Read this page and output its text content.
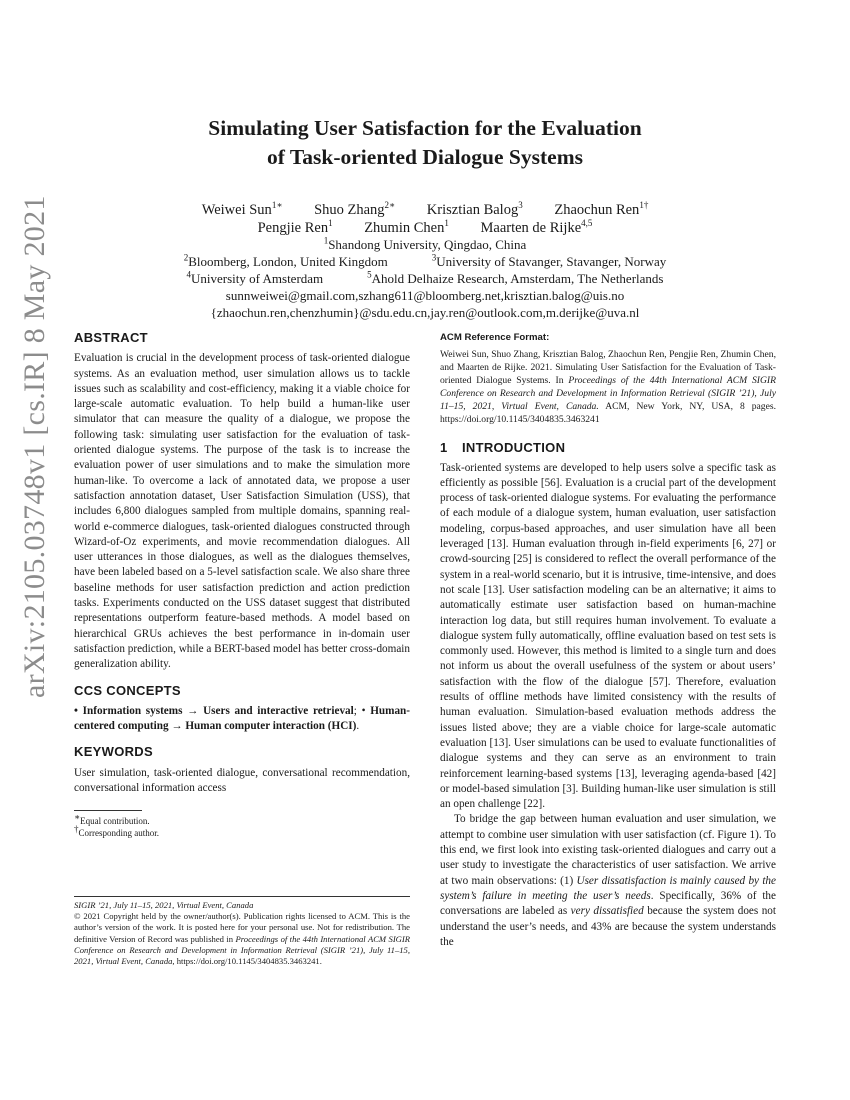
arXiv:2105.03748v1 [cs.IR] 8 May 2021
Simulating User Satisfaction for the Evaluation
of Task-oriented Dialogue Systems
Weiwei Sun$^{1∗}$ Shuo Zhang$^{2∗}$ Krisztian Balog$^3$ Zhaochun Ren$^{1\dagger}$
Pengjie Ren$^1$ Zhumin Chen$^1$ Maarten de Rijke$^{4,5}$
$^1$Shandong University, Qingdao, China
$^2$Bloomberg, London, United Kingdom	$^3$University of Stavanger, Stavanger, Norway
$^4$University of Amsterdam	$^5$Ahold Delhaize Research, Amsterdam, The Netherlands
sunnweiwei@gmail.com,szhang611@bloomberg.net,krisztian.balog@uis.no
{zhaochun.ren,chenzhumin}@sdu.edu.cn,jay.ren@outlook.com,m.derijke@uva.nl
ABSTRACT

Evaluation is crucial in the development process of task-oriented dialogue systems. As an evaluation method, user simulation allows us to tackle issues such as scalability and cost-efficiency, making it a viable choice for large-scale automatic evaluation. To help build a human-like user simulator that can measure the quality of a dialogue, we propose the following task: simulating user satisfaction for the evaluation of task-oriented dialogue systems. The purpose of the task is to increase the evaluation power of user simulations and to make the simulation more human-like. To overcome a lack of annotated data, we propose a user satisfaction annotation dataset, User Satisfaction Simulation (USS), that includes 6,800 dialogues sampled from multiple domains, spanning real-world e-commerce dialogues, task-oriented dialogues constructed through Wizard-of-Oz experiments, and movie recommendation dialogues. All user utterances in those dialogues, as well as the dialogues themselves, have been labeled based on a 5-level satisfaction scale. We also share three baseline methods for user satisfaction prediction and action prediction tasks. Experiments conducted on the USS dataset suggest that distributed representations outperform feature-based methods. A model based on hierarchical GRUs achieves the best performance in in-domain user satisfaction prediction, while a BERT-based model has better cross-domain generalization ability.

CCS CONCEPTS

• Information systems → Users and interactive retrieval; • Human-centered computing → Human computer interaction (HCI).

KEYWORDS

User simulation, task-oriented dialogue, conversational recommendation, conversational information access

∗Equal contribution.

†Corresponding author.

SIGIR ’21, July 11–15, 2021, Virtual Event, Canada

© 2021 Copyright held by the owner/author(s). Publication rights licensed to ACM. This is the author’s version of the work. It is posted here for your personal use. Not for redistribution. The definitive Version of Record was published in Proceedings of the 44th International ACM SIGIR Conference on Research and Development in Information Retrieval (SIGIR ’21), July 11–15, 2021, Virtual Event, Canada, https://doi.org/10.1145/3404835.3463241.

ACM Reference Format:

Weiwei Sun, Shuo Zhang, Krisztian Balog, Zhaochun Ren, Pengjie Ren, Zhumin Chen, and Maarten de Rijke. 2021. Simulating User Satisfaction for the Evaluation of Task-oriented Dialogue Systems. In Proceedings of the 44th International ACM SIGIR Conference on Research and Development in Information Retrieval (SIGIR ’21), July 11–15, 2021, Virtual Event, Canada. ACM, New York, NY, USA, 8 pages. https://doi.org/10.1145/3404835.3463241

1 INTRODUCTION

Task-oriented systems are developed to help users solve a specific task as efficiently as possible [56]. Evaluation is a crucial part of the development process of task-oriented dialogue systems. For evaluating the performance of each module of a dialogue system, human evaluation, user satisfaction modeling, corpus-based approaches, and user simulation have all been leveraged [13]. Human evaluation through in-field experiments [6, 27] or crowd-sourcing [25] is considered to reflect the overall performance of the system in a real-world scenario, but it is intrusive, time-intensive, and does not scale [13]. User satisfaction modeling can be an alternative; it aims to automatically estimate user satisfaction based on human-machine interaction log data, but still requires human involvement. To evaluate a dialogue system fully automatically, offline evaluation based on test sets is commonly used. However, this method is limited to a single turn and does not inform us about the overall usefulness of the system or about users’ satisfaction with the flow of the dialogue [57]. Therefore, evaluation results of offline methods have limited consistency with the results of human evaluation. Simulation-based evaluation methods address the issues listed above; they are a viable choice for large-scale automatic evaluation [13]. User simulations can be used to evaluate functionalities of dialogue systems and they can serve as an environment to train reinforcement learning-based systems [13], leveraging agenda-based [42] or model-based simulation [3]. Building human-like user simulation is still an open challenge [22].

To bridge the gap between human evaluation and user simulation, we attempt to combine user simulation with user satisfaction (cf. Figure 1). To this end, we first look into existing task-oriented dialogues and carry out a user study to investigate the characteristics of user satisfaction. We arrive at two main observations: (1) User dissatisfaction is mainly caused by the system’s failure in meeting the user’s needs. Specifically, 36% of the conversations are labeled as very dissatisfied because the system does not understand the user’s needs, and 43% are because the system understands the
